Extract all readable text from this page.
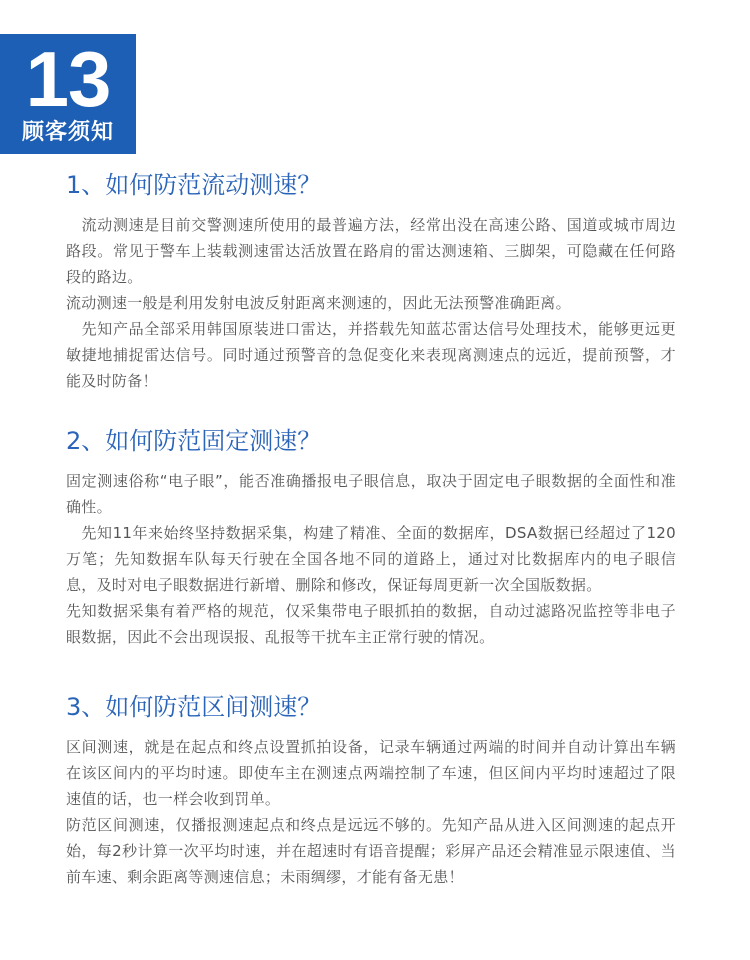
13
顾客须知
1、如何防范流动测速？

　流动测速是目前交警测速所使用的最普遍方法，经常出没在高速公路、国道或城市周边路段。常见于警车上装载测速雷达活放置在路肩的雷达测速箱、三脚架，可隐藏在任何路段的路边。

流动测速一般是利用发射电波反射距离来测速的，因此无法预警准确距离。

　先知产品全部采用韩国原装进口雷达，并搭载先知蓝芯雷达信号处理技术，能够更远更敏捷地捕捉雷达信号。同时通过预警音的急促变化来表现离测速点的远近，提前预警，才能及时防备！

2、如何防范固定测速？

固定测速俗称“电子眼”，能否准确播报电子眼信息，取决于固定电子眼数据的全面性和准确性。

　先知11年来始终坚持数据采集，构建了精准、全面的数据库，DSA数据已经超过了120万笔；先知数据车队每天行驶在全国各地不同的道路上，通过对比数据库内的电子眼信息，及时对电子眼数据进行新增、删除和修改，保证每周更新一次全国版数据。

先知数据采集有着严格的规范，仅采集带电子眼抓拍的数据，自动过滤路况监控等非电子眼数据，因此不会出现误报、乱报等干扰车主正常行驶的情况。

3、如何防范区间测速？

区间测速，就是在起点和终点设置抓拍设备，记录车辆通过两端的时间并自动计算出车辆在该区间内的平均时速。即使车主在测速点两端控制了车速，但区间内平均时速超过了限速值的话，也一样会收到罚单。

防范区间测速，仅播报测速起点和终点是远远不够的。先知产品从进入区间测速的起点开始，每2秒计算一次平均时速，并在超速时有语音提醒；彩屏产品还会精准显示限速值、当前车速、剩余距离等测速信息；未雨绸缪，才能有备无患！
